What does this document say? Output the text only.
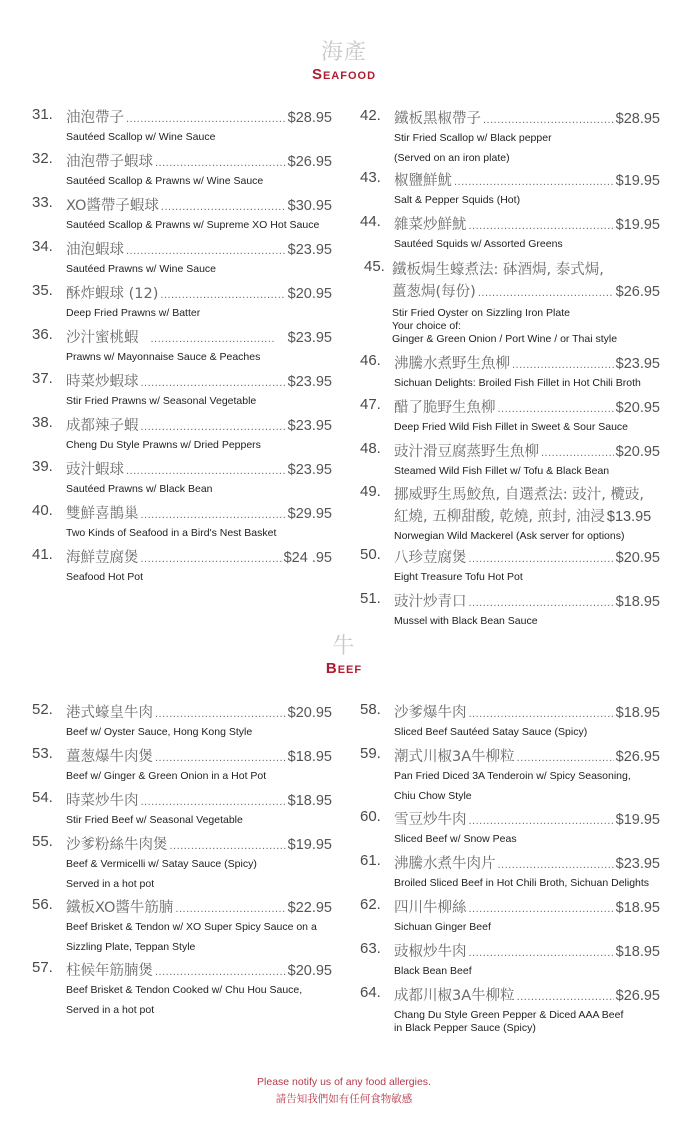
海產
Seafood
31. 油泡帶子 .....	$28.95
Sautéed Scallop w/ Wine Sauce
32. 油泡帶子蝦球 .....	$26.95
Sautéed Scallop & Prawns w/ Wine Sauce
33. XO醬帶子蝦球 .....	$30.95
Sautéed Scallop & Prawns w/ Supreme XO Hot Sauce
34. 油泡蝦球 .....	$23.95
Sautéed Prawns w/ Wine Sauce
35. 酥炸蝦球 (12) .....	$20.95
Deep Fried Prawns w/ Batter
36. 沙汁蜜桃蝦 .....	$23.95
Prawns w/ Mayonnaise Sauce & Peaches
37. 時菜炒蝦球 .....	$23.95
Stir Fried Prawns w/ Seasonal Vegetable
38. 成都辣子蝦 .....	$23.95
Cheng Du Style Prawns w/ Dried Peppers
39. 豉汁蝦球 .....	$23.95
Sautéed Prawns w/ Black Bean
40. 雙鮮喜鵲巢 .....	$29.95
Two Kinds of Seafood in a Bird's Nest Basket
41. 海鮮荳腐煲 .....	$24 .95
Seafood Hot Pot
42. 鐵板黑椒帶子 .....	$28.95
Stir Fried Scallop w/ Black pepper
(Served on an iron plate)
43. 椒鹽鮮魷 .....	$19.95
Salt & Pepper Squids (Hot)
44. 雜菜炒鮮魷 .....	$19.95
Sautéed Squids w/ Assorted Greens
45. 鐵板焗生蠔煮法: 砵酒焗, 泰式焗,
薑葱焗(每份) .....	$26.95
Stir Fried Oyster on Sizzling Iron Plate
Your choice of:
Ginger & Green Onion / Port Wine / or Thai style
46. 沸騰水煮野生魚柳 .....	$23.95
Sichuan Delights: Broiled Fish Fillet in Hot Chili Broth
47. 醋了脆野生魚柳 .....	$20.95
Deep Fried Wild Fish Fillet in Sweet & Sour Sauce
48. 豉汁滑豆腐蒸野生魚柳 .....	$20.95
Steamed Wild Fish Fillet w/ Tofu & Black Bean
49. 挪威野生馬鮫魚, 自選煮法: 豉汁, 欖豉,
紅燒, 五柳甜酸, 乾燒, 煎封, 油浸 $13.95
Norwegian Wild Mackerel (Ask server for options)
50. 八珍荳腐煲 .....	$20.95
Eight Treasure Tofu Hot Pot
51. 豉汁炒青口 .....	$18.95
Mussel with Black Bean Sauce
牛
Beef
52. 港式蠔皇牛肉 .....	$20.95
Beef w/ Oyster Sauce, Hong Kong Style
53. 薑葱爆牛肉煲 .....	$18.95
Beef w/ Ginger & Green Onion in a Hot Pot
54. 時菜炒牛肉 .....	$18.95
Stir Fried Beef w/ Seasonal Vegetable
55. 沙爹粉絲牛肉煲 .....	$19.95
Beef & Vermicelli w/ Satay Sauce (Spicy)
Served in a hot pot
56. 鐵板XO醬牛筋腩 .....	$22.95
Beef Brisket & Tendon w/ XO Super Spicy Sauce on a
Sizzling Plate, Teppan Style
57. 柱候年筋腩煲 .....	$20.95
Beef Brisket & Tendon Cooked w/ Chu Hou Sauce,
Served in a hot pot
58. 沙爹爆牛肉 .....	$18.95
Sliced Beef Sautéed Satay Sauce (Spicy)
59. 潮式川椒3A牛柳粒 .....	$26.95
Pan Fried Diced 3A Tenderoin w/ Spicy Seasoning,
Chiu Chow Style
60. 雪豆炒牛肉 .....	$19.95
Sliced Beef w/ Snow Peas
61. 沸騰水煮牛肉片 .....	$23.95
Broiled Sliced Beef in Hot Chili Broth, Sichuan Delights
62. 四川牛柳絲 .....	$18.95
Sichuan Ginger Beef
63. 豉椒炒牛肉 .....	$18.95
Black Bean Beef
64. 成都川椒3A牛柳粒 .....	$26.95
Chang Du Style Green Pepper & Diced AAA Beef
in Black Pepper Sauce (Spicy)
Please notify us of any food allergies.
請告知我們如有任何食物敏感
